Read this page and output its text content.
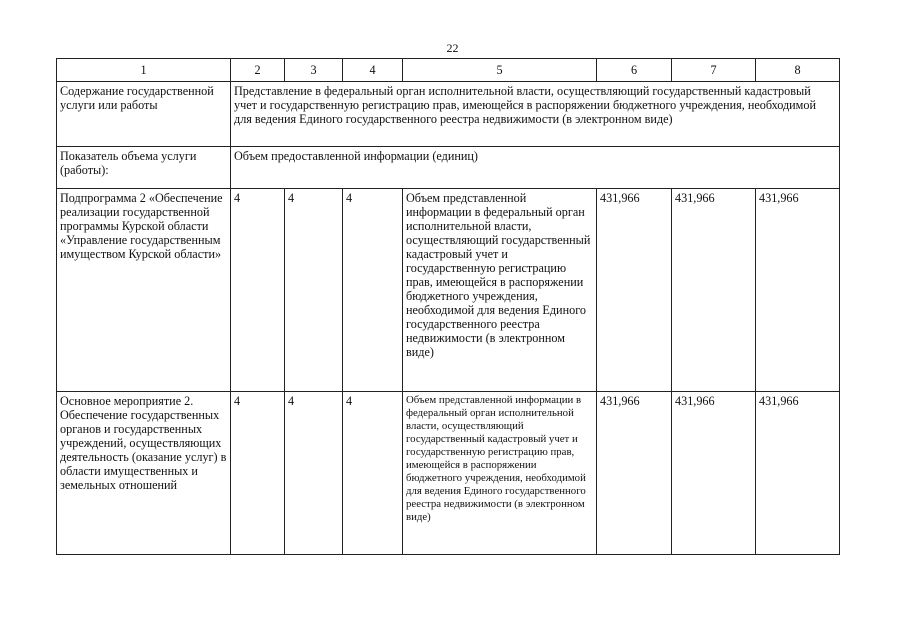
22
1	2	3	4	5	6	7	8
Содержание государственной услуги или работы	Представление в федеральный орган исполнительной власти, осуществляющий государственный кадастровый учет и государственную регистрацию прав, имеющейся в распоряжении бюджетного учреждения, необходимой для ведения Единого государственного реестра недвижимости (в электронном виде)						
Показатель объема услуги (работы):	Объем предоставленной информации (единиц)						
Подпрограмма 2 «Обеспечение реализации государственной программы Курской области «Управление государственным имуществом Курской области»	4	4	4	Объем представленной информации в федеральный орган исполнительной власти, осуществляющий государственный кадастровый учет и государственную регистрацию прав, имеющейся в распоряжении бюджетного учреждения, необходимой для ведения Единого государственного реестра недвижимости (в электронном виде)	431,966	431,966	431,966
Основное мероприятие 2. Обеспечение государственных органов и государственных учреждений, осуществляющих деятельность (оказание услуг) в области имущественных и земельных отношений	4	4	4	Объем представленной информации в федеральный орган исполнительной власти, осуществляющий государственный кадастровый учет и государственную регистрацию прав, имеющейся в распоряжении бюджетного учреждения, необходимой для ведения Единого государственного реестра недвижимости (в электронном виде)	431,966	431,966	431,966
